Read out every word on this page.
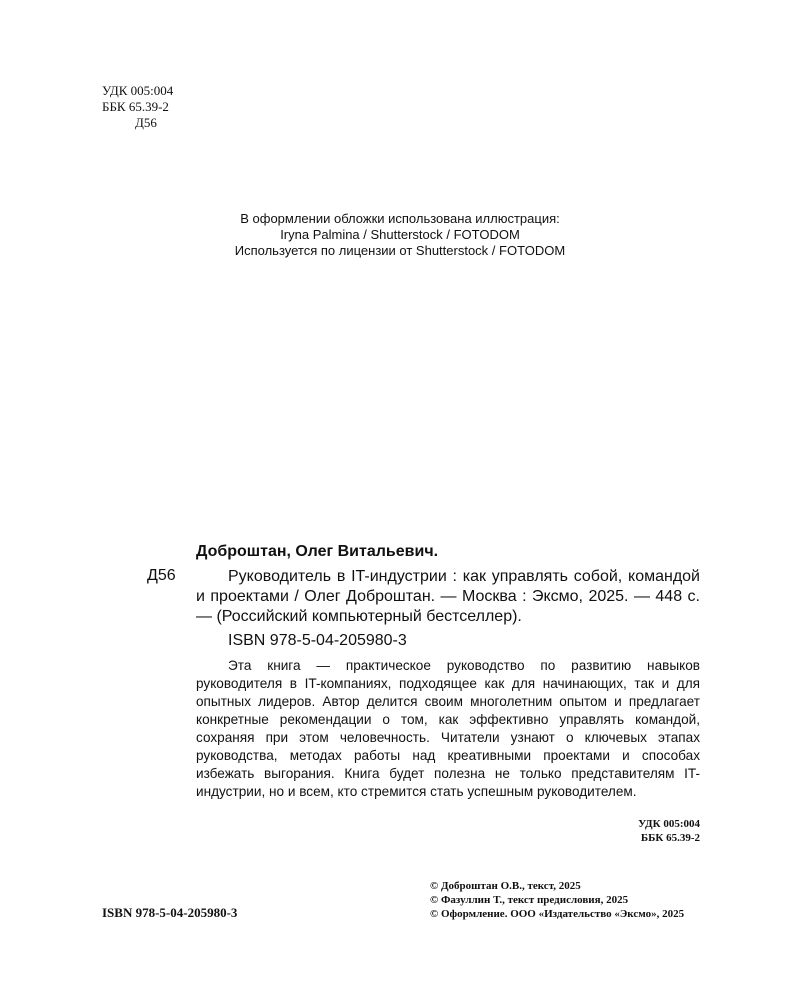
УДК 005:004
ББК 65.39-2
Д56
В оформлении обложки использована иллюстрация:
Iryna Palmina / Shutterstock / FOTODOM
Используется по лицензии от Shutterstock / FOTODOM
Доброштан, Олег Витальевич.
Д56	Руководитель в IT-индустрии : как управлять собой, командой и проектами / Олег Доброштан. — Москва : Эксмо, 2025. — 448 с. — (Российский компьютерный бестселлер).
ISBN 978-5-04-205980-3
Эта книга — практическое руководство по развитию навыков руководителя в IT-компаниях, подходящее как для начинающих, так и для опытных лидеров. Автор делится своим многолетним опытом и предлагает конкретные рекомендации о том, как эффективно управлять командой, сохраняя при этом человечность. Читатели узнают о ключевых этапах руководства, методах работы над креативными проектами и способах избежать выгорания. Книга будет полезна не только представителям IT-индустрии, но и всем, кто стремится стать успешным руководителем.
УДК 005:004
ББК 65.39-2
© Доброштан О.В., текст, 2025
© Фазуллин Т., текст предисловия, 2025
© Оформление. ООО «Издательство «Эксмо», 2025
ISBN 978-5-04-205980-3
